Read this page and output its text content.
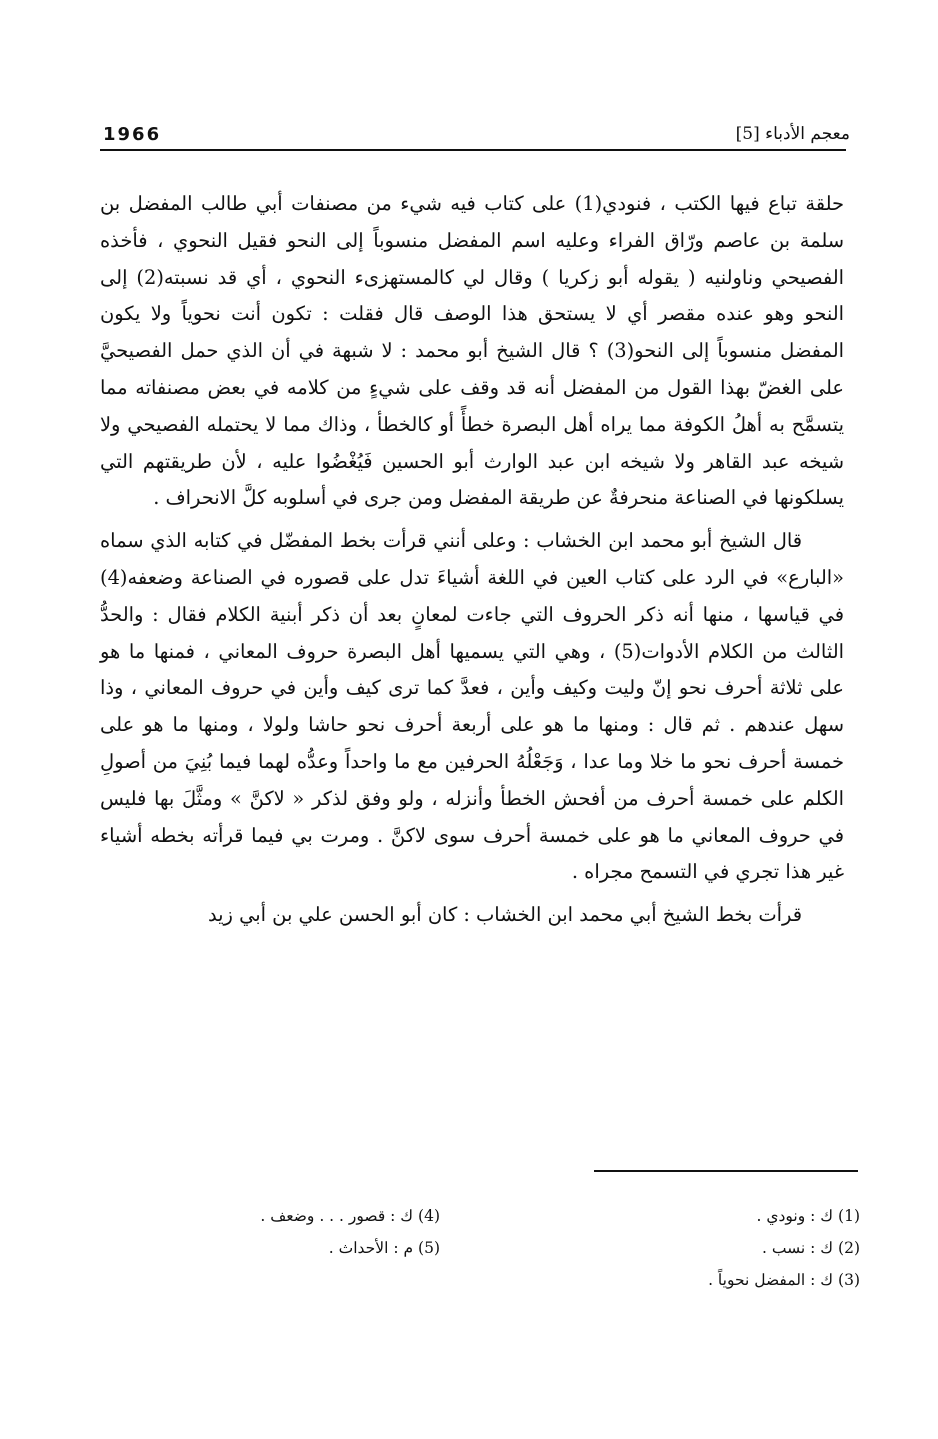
معجم الأدباء [5]
1966

حلقة تباع فيها الكتب ، فنودي(1) على كتاب فيه شيء من مصنفات أبي طالب المفضل بن سلمة بن عاصم ورّاق الفراء وعليه اسم المفضل منسوباً إلى النحو فقيل النحوي ، فأخذه الفصيحي وناولنيه ( يقوله أبو زكريا ) وقال لي كالمستهزىء النحوي ، أي قد نسبته(2) إلى النحو وهو عنده مقصر أي لا يستحق هذا الوصف قال فقلت : تكون أنت نحوياً ولا يكون المفضل منسوباً إلى النحو(3) ؟ قال الشيخ أبو محمد : لا شبهة في أن الذي حمل الفصيحيَّ على الغضّ بهذا القول من المفضل أنه قد وقف على شيءٍ من كلامه في بعض مصنفاته مما يتسمَّح به أهلُ الكوفة مما يراه أهل البصرة خطأً أو كالخطأ ، وذاك مما لا يحتمله الفصيحي ولا شيخه عبد القاهر ولا شيخه ابن عبد الوارث أبو الحسين فَيُغْضُوا عليه ، لأن طريقتهم التي يسلكونها في الصناعة منحرفةٌ عن طريقة المفضل ومن جرى في أسلوبه كلَّ الانحراف .

قال الشيخ أبو محمد ابن الخشاب : وعلى أنني قرأت بخط المفضّل في كتابه الذي سماه «البارع» في الرد على كتاب العين في اللغة أشياءَ تدل على قصوره في الصناعة وضعفه(4) في قياسها ، منها أنه ذكر الحروف التي جاءت لمعانٍ بعد أن ذكر أبنية الكلام فقال : والحدُّ الثالث من الكلام الأدوات(5) ، وهي التي يسميها أهل البصرة حروف المعاني ، فمنها ما هو على ثلاثة أحرف نحو إنّ وليت وكيف وأين ، فعدَّ كما ترى كيف وأين في حروف المعاني ، وذا سهل عندهم . ثم قال : ومنها ما هو على أربعة أحرف نحو حاشا ولولا ، ومنها ما هو على خمسة أحرف نحو ما خلا وما عدا ، وَجَعْلُهُ الحرفين مع ما واحداً وعدُّه لهما فيما بُنِيَ من أصولِ الكلم على خمسة أحرف من أفحش الخطأ وأنزله ، ولو وفق لذكر « لاكنَّ » ومثَّلَ بها فليس في حروف المعاني ما هو على خمسة أحرف سوى لاكنَّ . ومرت بي فيما قرأته بخطه أشياء غير هذا تجري في التسمح مجراه .

قرأت بخط الشيخ أبي محمد ابن الخشاب : كان أبو الحسن علي بن أبي زيد

(1) ك : ونودي .
(2) ك : نسب .
(3) ك : المفضل نحوياً .
(4) ك : قصور . . . وضعف .
(5) م : الأحداث .
